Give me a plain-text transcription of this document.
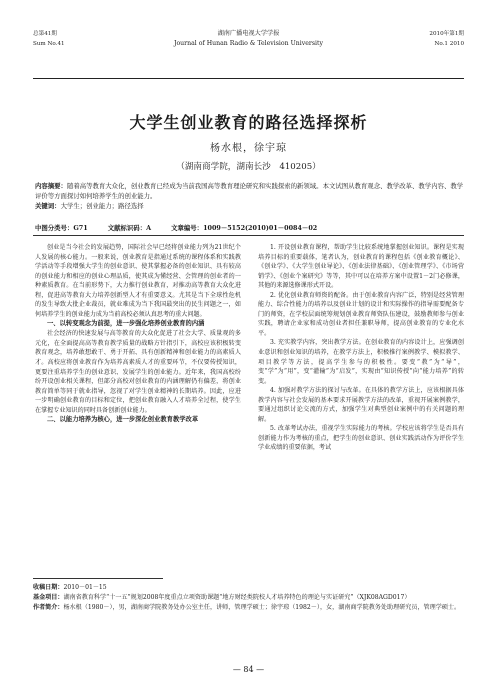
总第41期
Sum No.41
湖南广播电视大学学报
Journal of Hunan Radio & Television University
2010年第1期
No.1 2010
大学生创业教育的路径选择探析
杨水根，徐宇琼
（湖南商学院，湖南长沙　410205）

内容摘要：随着高等教育大众化，创业教育已经成为当前我国高等教育理论研究和实践探索的新领域。本文试图从教育观念、教学改革、教学内容、教学评价等方面探讨如何培养学生的创业能力。

关键词：大学生；创业能力；路径选择

中图分类号：G71	文献标识码：A	文章编号：1009－5152(2010)01－0084－02

创业是当今社会的发展趋势，国际社会早已经将创业能力列为21世纪个人发展的核心能力。一般来说，创业教育是指通过系统的课程体系和实践教学活动等手段增强大学生的创业意识、使其掌握必备的创业知识、具有较高的创业能力和相应的创业心理品质，使其成为懂经营、会管理的创业者的一种素质教育。在当前形势下，大力推行创业教育，对推动高等教育大众化进程，促进高等教育大力培养创新型人才有重要意义。尤其是当下全球性危机的发生导致大批企业裁员，就业难成为当下我国最突出的民生问题之一，如何培养学生的创业能力成为当前高校必须认真思考的重大问题。

一、以转变观念为前提，进一步强化培养创业教育的内涵

社会经济的快速发展与高等教育的大众化促进了社会大学、质量观的多元化，在全面提高高等教育教学质量的战略方针指引下，高校应该积极转变教育观念，培养敢想敢干、勇于开拓、具有创新精神和创业能力的高素质人才。高校应将创业教育作为培养高素质人才的重要环节，不仅要传授知识，更要注重培养学生的创业意识、发展学生的创业能力。近年来，我国高校纷纷开设创业相关课程，但部分高校对创业教育的内涵理解仍有偏差，将创业教育简单等同于就业指导，忽视了对学生创业精神的长期培养。因此，应进一步明确创业教育的目标和定位，把创业教育融入人才培养全过程，使学生在掌握专业知识的同时具备创新创业能力。

二、以能力培养为核心，进一步深化创业教育教学改革

1. 开设创业教育课程，帮助学生比较系统地掌握创业知识。课程是实现培养目标的重要载体，笔者认为，创业教育的课程包括《创业教育概论》、《创业学》、《大学生创业导论》、《创业法律基础》、《创业管理学》、《市场营销学》、《创业个案研究》等等，其中可以在培养方案中设置1－2门必修课，其他的来源选修课形式开设。

2. 优化创业教育师资的配备。由于创业教育内容广泛，特别是经营管理能力、综合性能力的培养以及创业计划的设计和实际操作的指导需要配备专门的师资，在学校层面统筹规划创业教育师资队伍建设，鼓励教师参与创业实践，聘请企业家和成功创业者担任兼职导师，提高创业教育的专业化水平。

3. 充实教学内容，突出教学方法。在创业教育的内容设计上，应强调创业意识和创业知识的培养，在教学方法上，积极推行案例教学、模拟教学、项目教学等方法，提高学生参与的积极性。要变“教”为“导”，变“学”为“用”，变“灌输”为“启发”，实现由“知识传授”向“能力培养”的转变。

4. 加强对教学方法的探讨与改革。在具体的教学方法上，应该根据具体教学内容与社会发展的基本要求开展教学方法的改革，重视开展案例教学，要通过组织讨论交流的方式，加强学生对典型创业案例中的有关问题的理解。

5. 改革考试办法，重视学生实际能力的考核。学校应该将学生是否具有创新能力作为考核的重点，把学生的创业意识、创业实践活动作为评价学生学业成绩的重要依据，考试

收稿日期：2010－01－15

基金项目：湖南省教育科学“十一五”规划2008年度重点立项资助课题“地方财经类院校人才培养特色的理论与实证研究”（XJK08AGD017）

作者简介：杨水根（1980－），男，湖南商学院教务处办公室主任，讲师，管理学硕士；徐宇琼（1982－），女，湖南商学院教务处助理研究员，管理学硕士。

— 84 —
